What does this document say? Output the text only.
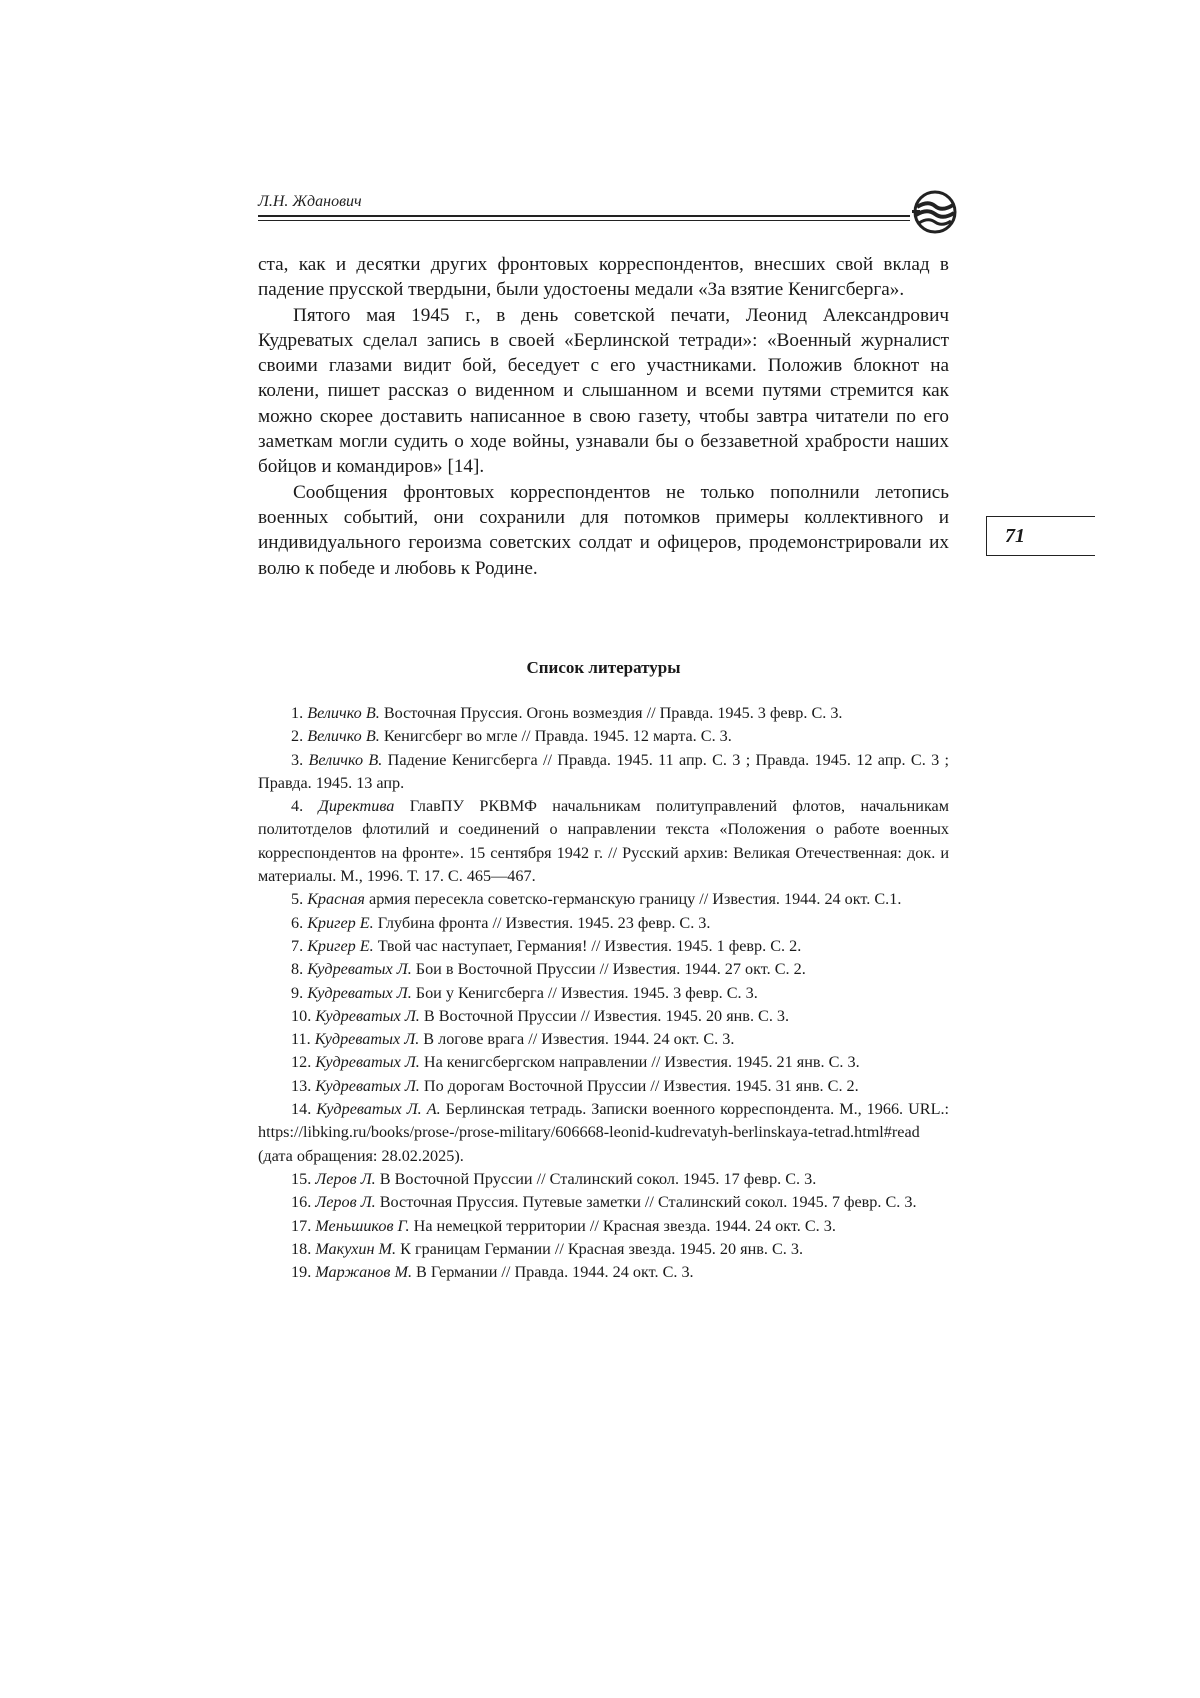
Л.Н. Жданович
71

ста, как и десятки других фронтовых корреспондентов, внесших свой вклад в падение прусской твердыни, были удостоены медали «За взятие Кенигсберга».

Пятого мая 1945 г., в день советской печати, Леонид Александрович Кудреватых сделал запись в своей «Берлинской тетради»: «Военный журналист своими глазами видит бой, беседует с его участниками. Положив блокнот на колени, пишет рассказ о виденном и слышанном и всеми путями стремится как можно скорее доставить написанное в свою газету, чтобы завтра читатели по его заметкам могли судить о ходе войны, узнавали бы о беззаветной храбрости наших бойцов и командиров» [14].

Сообщения фронтовых корреспондентов не только пополнили летопись военных событий, они сохранили для потомков примеры коллективного и индивидуального героизма советских солдат и офицеров, продемонстрировали их волю к победе и любовь к Родине.

Список литературы

1. Величко В. Восточная Пруссия. Огонь возмездия // Правда. 1945. 3 февр. С. 3.

2. Величко В. Кенигсберг во мгле // Правда. 1945. 12 марта. С. 3.

3. Величко В. Падение Кенигсберга // Правда. 1945. 11 апр. С. 3 ; Правда. 1945. 12 апр. С. 3 ; Правда. 1945. 13 апр.

4. Директива ГлавПУ РКВМФ начальникам политуправлений флотов, начальникам политотделов флотилий и соединений о направлении текста «Положения о работе военных корреспондентов на фронте». 15 сентября 1942 г. // Русский архив: Великая Отечественная: док. и материалы. М., 1996. Т. 17. С. 465—467.

5. Красная армия пересекла советско-германскую границу // Известия. 1944. 24 окт. С.1.

6. Кригер Е. Глубина фронта // Известия. 1945. 23 февр. С. 3.

7. Кригер Е. Твой час наступает, Германия! // Известия. 1945. 1 февр. С. 2.

8. Кудреватых Л. Бои в Восточной Пруссии // Известия. 1944. 27 окт. С. 2.

9. Кудреватых Л. Бои у Кенигсберга // Известия. 1945. 3 февр. С. 3.

10. Кудреватых Л. В Восточной Пруссии // Известия. 1945. 20 янв. С. 3.

11. Кудреватых Л. В логове врага // Известия. 1944. 24 окт. С. 3.

12. Кудреватых Л. На кенигсбергском направлении // Известия. 1945. 21 янв. С. 3.

13. Кудреватых Л. По дорогам Восточной Пруссии // Известия. 1945. 31 янв. С. 2.

14. Кудреватых Л. А. Берлинская тетрадь. Записки военного корреспондента. М., 1966. URL.: https://libking.ru/books/prose-/prose-military/606668-leonid-kudrevatyh-berlinskaya-tetrad.html#read (дата обращения: 28.02.2025).

15. Леров Л. В Восточной Пруссии // Сталинский сокол. 1945. 17 февр. С. 3.

16. Леров Л. Восточная Пруссия. Путевые заметки // Сталинский сокол. 1945. 7 февр. С. 3.

17. Меньшиков Г. На немецкой территории // Красная звезда. 1944. 24 окт. С. 3.

18. Макухин М. К границам Германии // Красная звезда. 1945. 20 янв. С. 3.

19. Маржанов М. В Германии // Правда. 1944. 24 окт. С. 3.
